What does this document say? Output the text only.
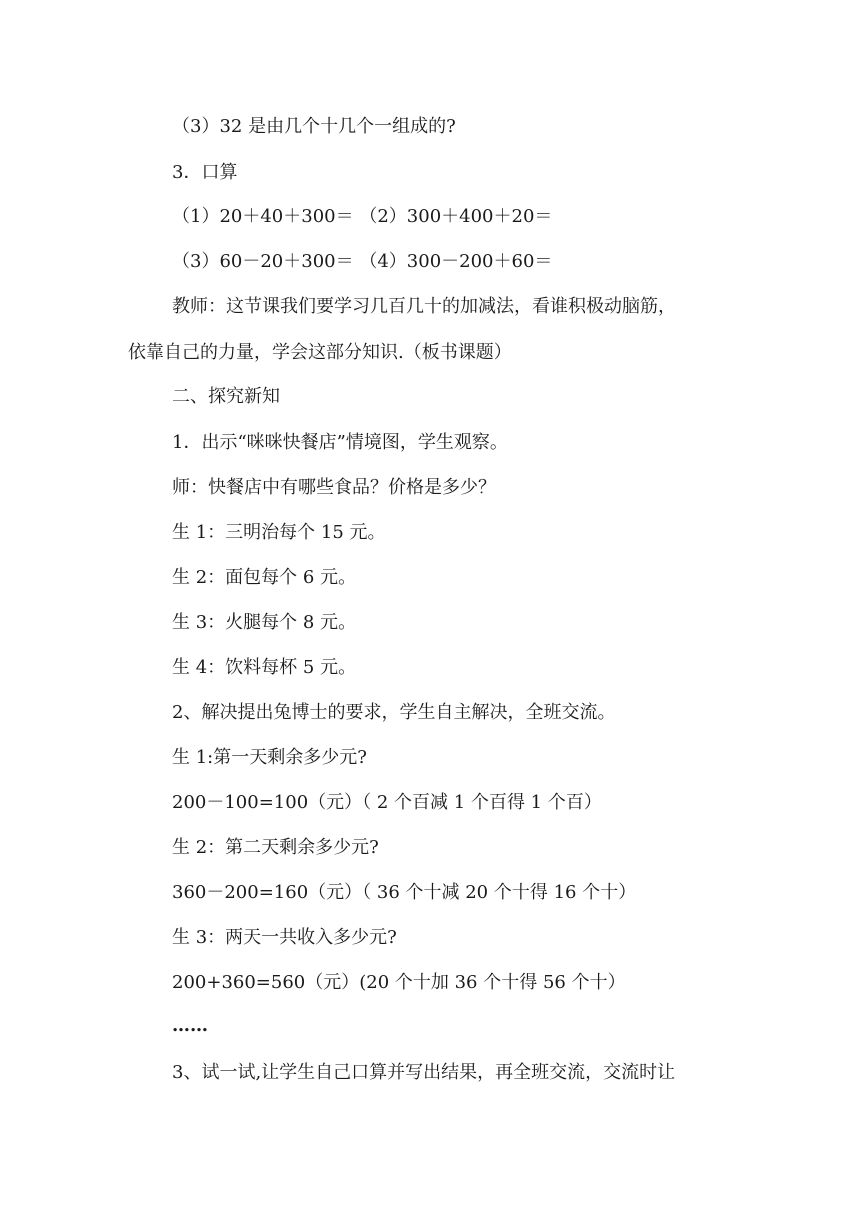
（3）32 是由几个十几个一组成的?
3．口算
（1）20＋40＋300＝ （2）300＋400＋20＝
（3）60－20＋300＝ （4）300－200＋60＝
教师：这节课我们要学习几百几十的加减法，看谁积极动脑筋，
依靠自己的力量，学会这部分知识.（板书课题）
二、探究新知
1．出示“咪咪快餐店”情境图，学生观察。
师：快餐店中有哪些食品？价格是多少？
生 1：三明治每个 15 元。
生 2：面包每个 6 元。
生 3：火腿每个 8 元。
生 4：饮料每杯 5 元。
2、解决提出兔博士的要求，学生自主解决，全班交流。
生 1:第一天剩余多少元?
200－100=100（元）（ 2 个百减 1 个百得 1 个百）
生 2：第二天剩余多少元?
360－200=160（元）（ 36 个十减 20 个十得 16 个十）
生 3：两天一共收入多少元?
200+360=560（元）(20 个十加 36 个十得 56 个十）
……
3、试一试,让学生自己口算并写出结果，再全班交流，交流时让
